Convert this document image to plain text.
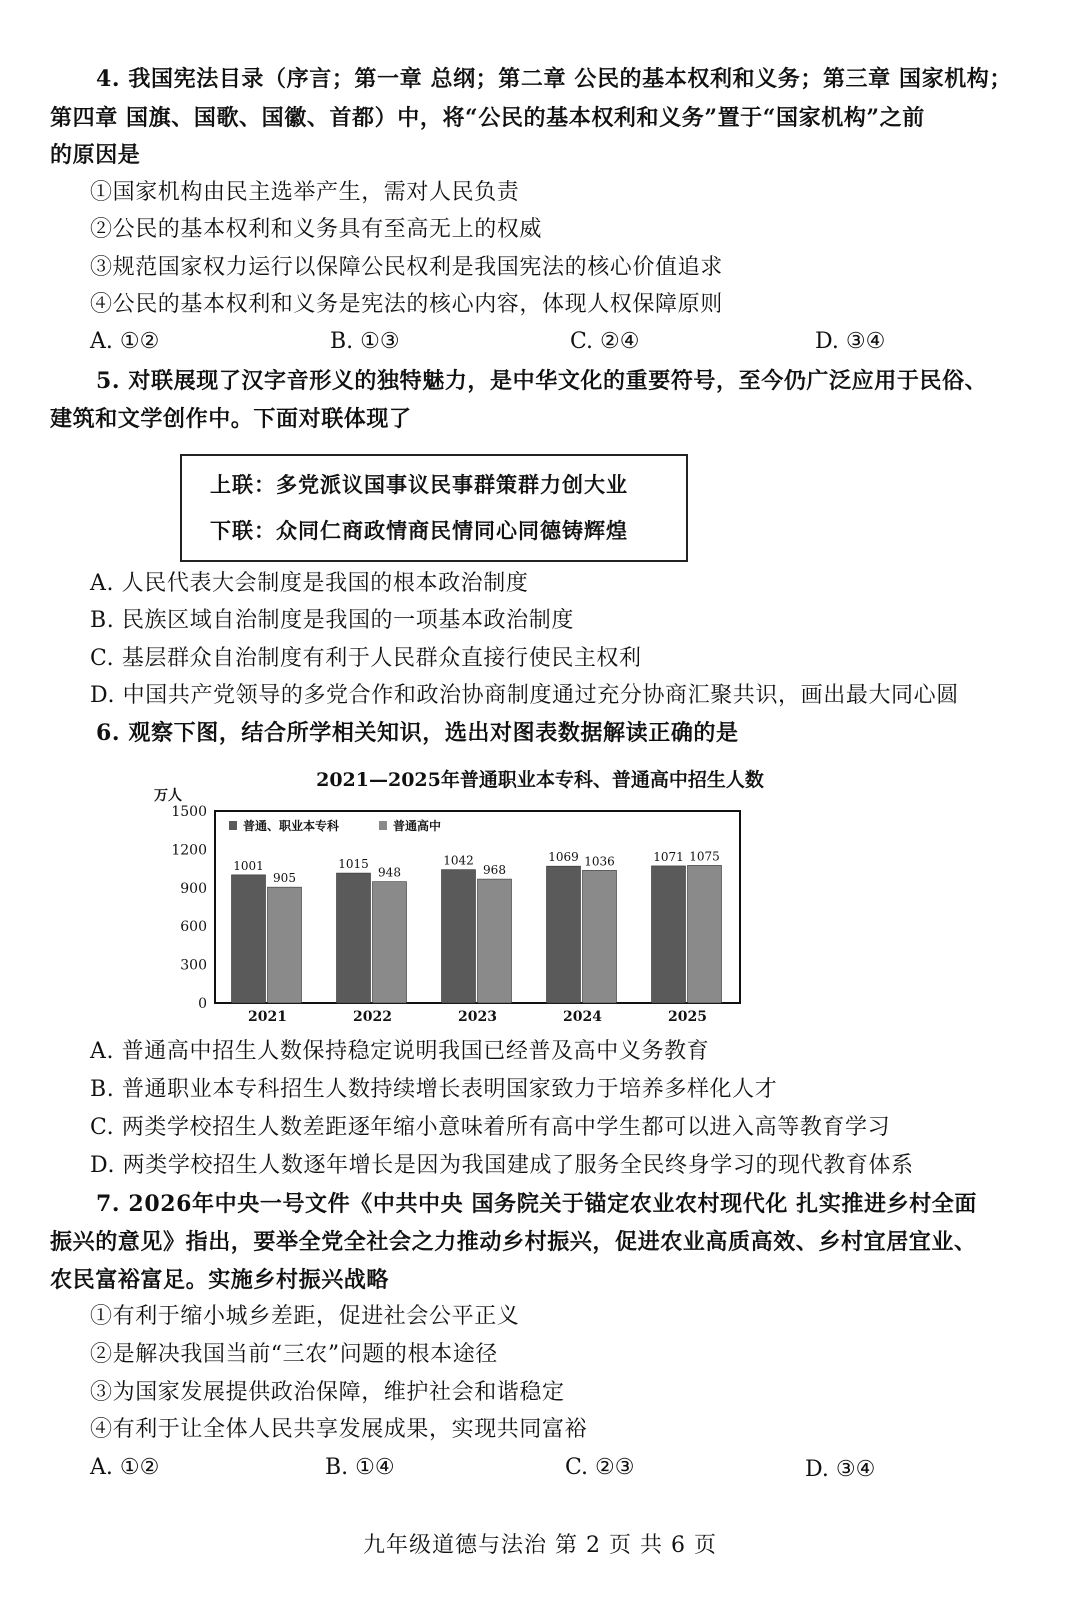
4. 我国宪法目录（序言；第一章 总纲；第二章 公民的基本权利和义务；第三章 国家机构；
第四章 国旗、国歌、国徽、首都）中，将“公民的基本权利和义务”置于“国家机构”之前
的原因是
①国家机构由民主选举产生，需对人民负责
②公民的基本权利和义务具有至高无上的权威
③规范国家权力运行以保障公民权利是我国宪法的核心价值追求
④公民的基本权利和义务是宪法的核心内容，体现人权保障原则
A. ①②	B. ①③	C. ②④	D. ③④
5. 对联展现了汉字音形义的独特魅力，是中华文化的重要符号，至今仍广泛应用于民俗、
建筑和文学创作中。下面对联体现了
上联：多党派议国事议民事群策群力创大业
下联：众同仁商政情商民情同心同德铸辉煌
A. 人民代表大会制度是我国的根本政治制度
B. 民族区域自治制度是我国的一项基本政治制度
C. 基层群众自治制度有利于人民群众直接行使民主权利
D. 中国共产党领导的多党合作和政治协商制度通过充分协商汇聚共识，画出最大同心圆
6. 观察下图，结合所学相关知识，选出对图表数据解读正确的是
2021—2025年普通职业本专科、普通高中招生人数
万人
0
300
600
900
1200
1500
1001
905
1015
948
1042
968
1069 1036	1071 1075
2021	2022	2023	2024	2025
普通、职业本专科	普通高中
A. 普通高中招生人数保持稳定说明我国已经普及高中义务教育
B. 普通职业本专科招生人数持续增长表明国家致力于培养多样化人才
C. 两类学校招生人数差距逐年缩小意味着所有高中学生都可以进入高等教育学习
D. 两类学校招生人数逐年增长是因为我国建成了服务全民终身学习的现代教育体系
7. 2026年中央一号文件《中共中央 国务院关于锚定农业农村现代化 扎实推进乡村全面
振兴的意见》指出，要举全党全社会之力推动乡村振兴，促进农业高质高效、乡村宜居宜业、
农民富裕富足。实施乡村振兴战略
①有利于缩小城乡差距，促进社会公平正义
②是解决我国当前“三农”问题的根本途径
③为国家发展提供政治保障，维护社会和谐稳定
④有利于让全体人民共享发展成果，实现共同富裕
A. ①②	B. ①④	C. ②③	D. ③④
九年级道德与法治 第 2 页 共 6 页
